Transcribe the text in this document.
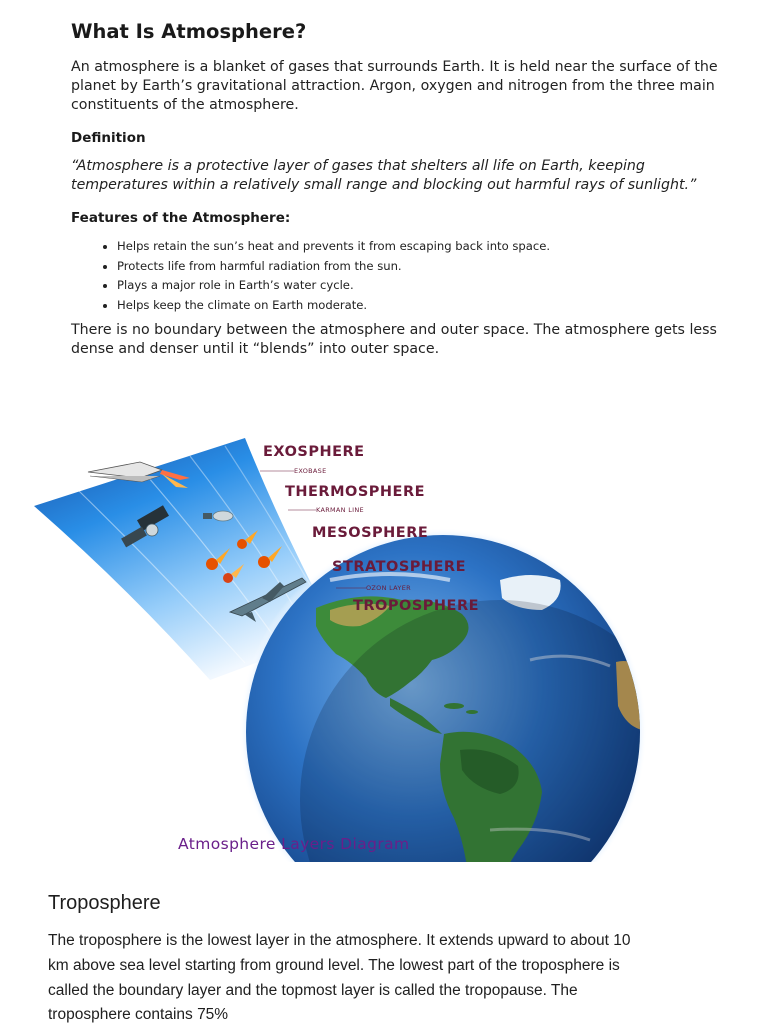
What Is Atmosphere?

An atmosphere is a blanket of gases that surrounds Earth. It is held near the surface of the planet by Earth’s gravitational attraction. Argon, oxygen and nitrogen from the three main constituents of the atmosphere.

Definition

“Atmosphere is a protective layer of gases that shelters all life on Earth, keeping temperatures within a relatively small range and blocking out harmful rays of sunlight.”

Features of the Atmosphere:
• Helps retain the sun’s heat and prevents it from escaping back into space.
• Protects life from harmful radiation from the sun.
• Plays a major role in Earth’s water cycle.
• Helps keep the climate on Earth moderate.

There is no boundary between the atmosphere and outer space. The atmosphere gets less dense and denser until it “blends” into outer space.

EXOSPHERE
EXOBASE
THERMOSPHERE
KARMAN LINE
MESOSPHERE
STRATOSPHERE
OZON LAYER
TROPOSPHERE
Atmosphere Layers Diagram
Troposphere

The troposphere is the lowest layer in the atmosphere. It extends upward to about 10 km above sea level starting from ground level. The lowest part of the troposphere is called the boundary layer and the topmost layer is called the tropopause. The troposphere contains 75%
